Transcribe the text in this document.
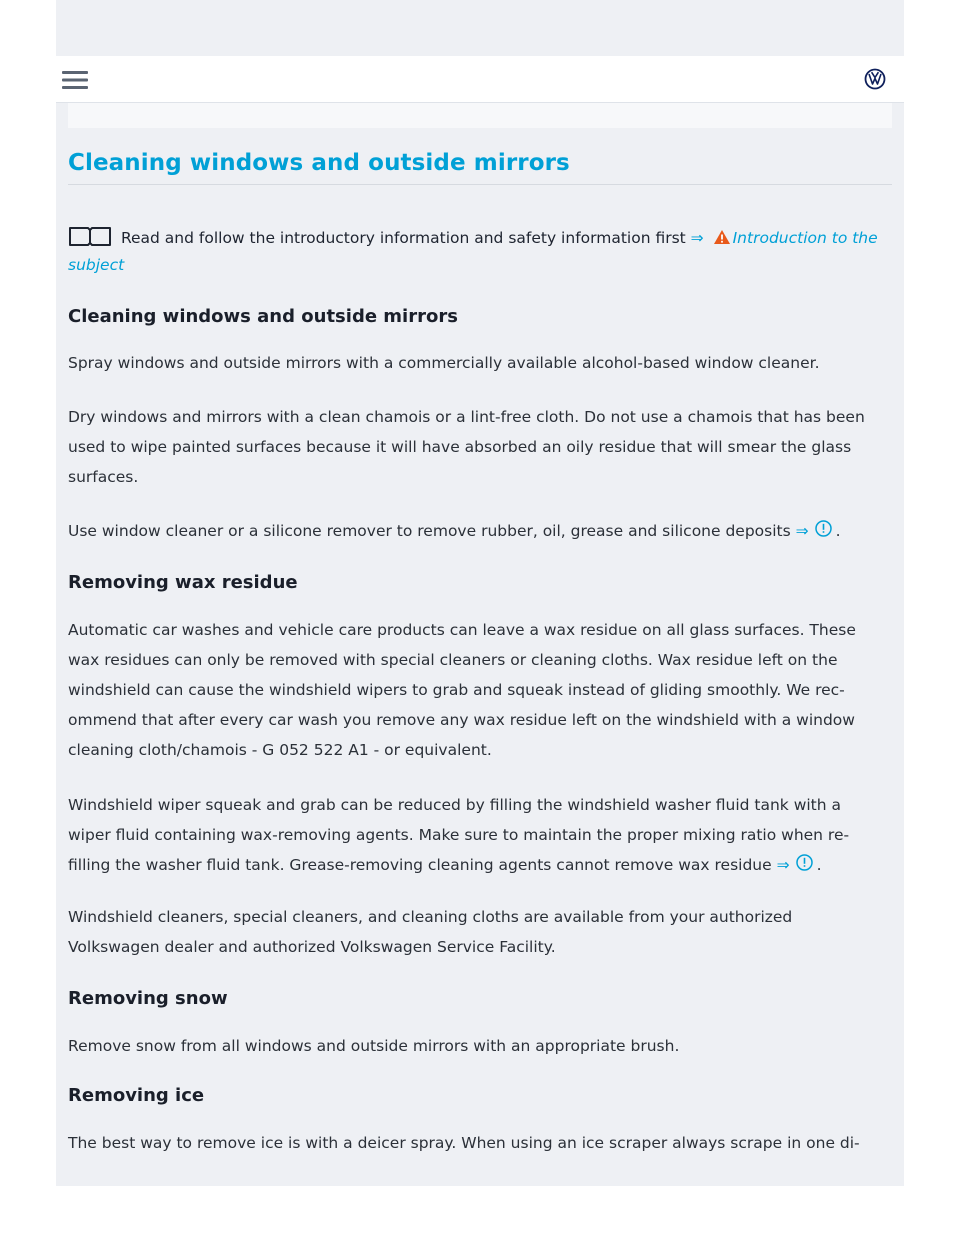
Cleaning windows and outside mirrors
Read and follow the introductory information and safety information first ⇒ Introduction to the
subject
Cleaning windows and outside mirrors

Spray windows and outside mirrors with a commercially available alcohol-based window cleaner.

Dry windows and mirrors with a clean chamois or a lint-free cloth. Do not use a chamois that has been
used to wipe painted surfaces because it will have absorbed an oily residue that will smear the glass
surfaces.

Use window cleaner or a silicone remover to remove rubber, oil, grease and silicone deposits ⇒ .

Removing wax residue

Automatic car washes and vehicle care products can leave a wax residue on all glass surfaces. These
wax residues can only be removed with special cleaners or cleaning cloths. Wax residue left on the
windshield can cause the windshield wipers to grab and squeak instead of gliding smoothly. We rec-
ommend that after every car wash you remove any wax residue left on the windshield with a window
cleaning cloth/chamois - G 052 522 A1 - or equivalent.

Windshield wiper squeak and grab can be reduced by filling the windshield washer fluid tank with a
wiper fluid containing wax-removing agents. Make sure to maintain the proper mixing ratio when re-
filling the washer fluid tank. Grease-removing cleaning agents cannot remove wax residue ⇒ .

Windshield cleaners, special cleaners, and cleaning cloths are available from your authorized
Volkswagen dealer and authorized Volkswagen Service Facility.

Removing snow

Remove snow from all windows and outside mirrors with an appropriate brush.

Removing ice

The best way to remove ice is with a deicer spray. When using an ice scraper always scrape in one di-
